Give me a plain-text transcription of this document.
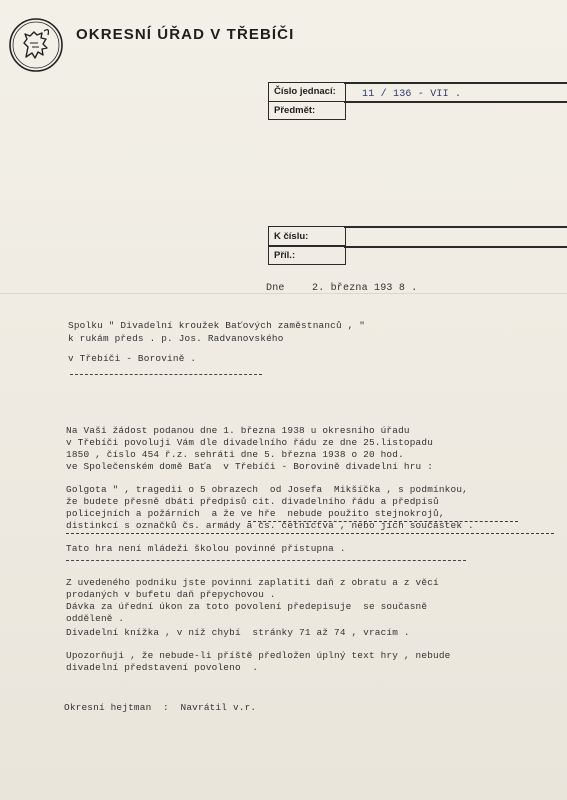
OKRESNÍ ÚŘAD V TŘEBÍČI
Číslo jednací:
Předmět:
11 / 136 - VII .
K číslu:
Příl.:
Dne	2. března 193 8 .
Spolku " Divadelní kroužek Baťových zaměstnanců , "
k rukám předs . p. Jos. Radvanovského
v Třebíči - Borovině .
Na Vaši žádost podanou dne 1. března 1938 u okresního úřadu
v Třebíči povoluji Vám dle divadelního řádu ze dne 25.listopadu
1850 , číslo 454 ř.z. sehráti dne 5. března 1938 o 20 hod.
ve Společenském domě Baťa  v Třebíči - Borovině divadelní hru :
Golgota " , tragedii o 5 obrazech  od Josefa  Mikšíčka , s podmínkou,
že budete přesně dbáti předpisů cit. divadelního řádu a předpisů
policejních a požárních  a že ve hře  nebude použito stejnokrojů,
distinkcí s označků čs. armády a čs. četnictva , nebo jich součástek .
Tato hra není mládeži školou povinné přístupna .
Z uvedeného podniku jste povinni zaplatiti daň z obratu a z věcí
prodaných v bufetu daň přepychovou .
Dávka za úřední úkon za toto povolení předepisuje  se současně
odděleně .
Divadelní knížka , v níž chybí  stránky 71 až 74 , vracím .
Upozorňuji , že nebude-li příště předložen úplný text hry , nebude
divadelní představení povoleno  .
Okresní hejtman  :  Navrátil v.r.
